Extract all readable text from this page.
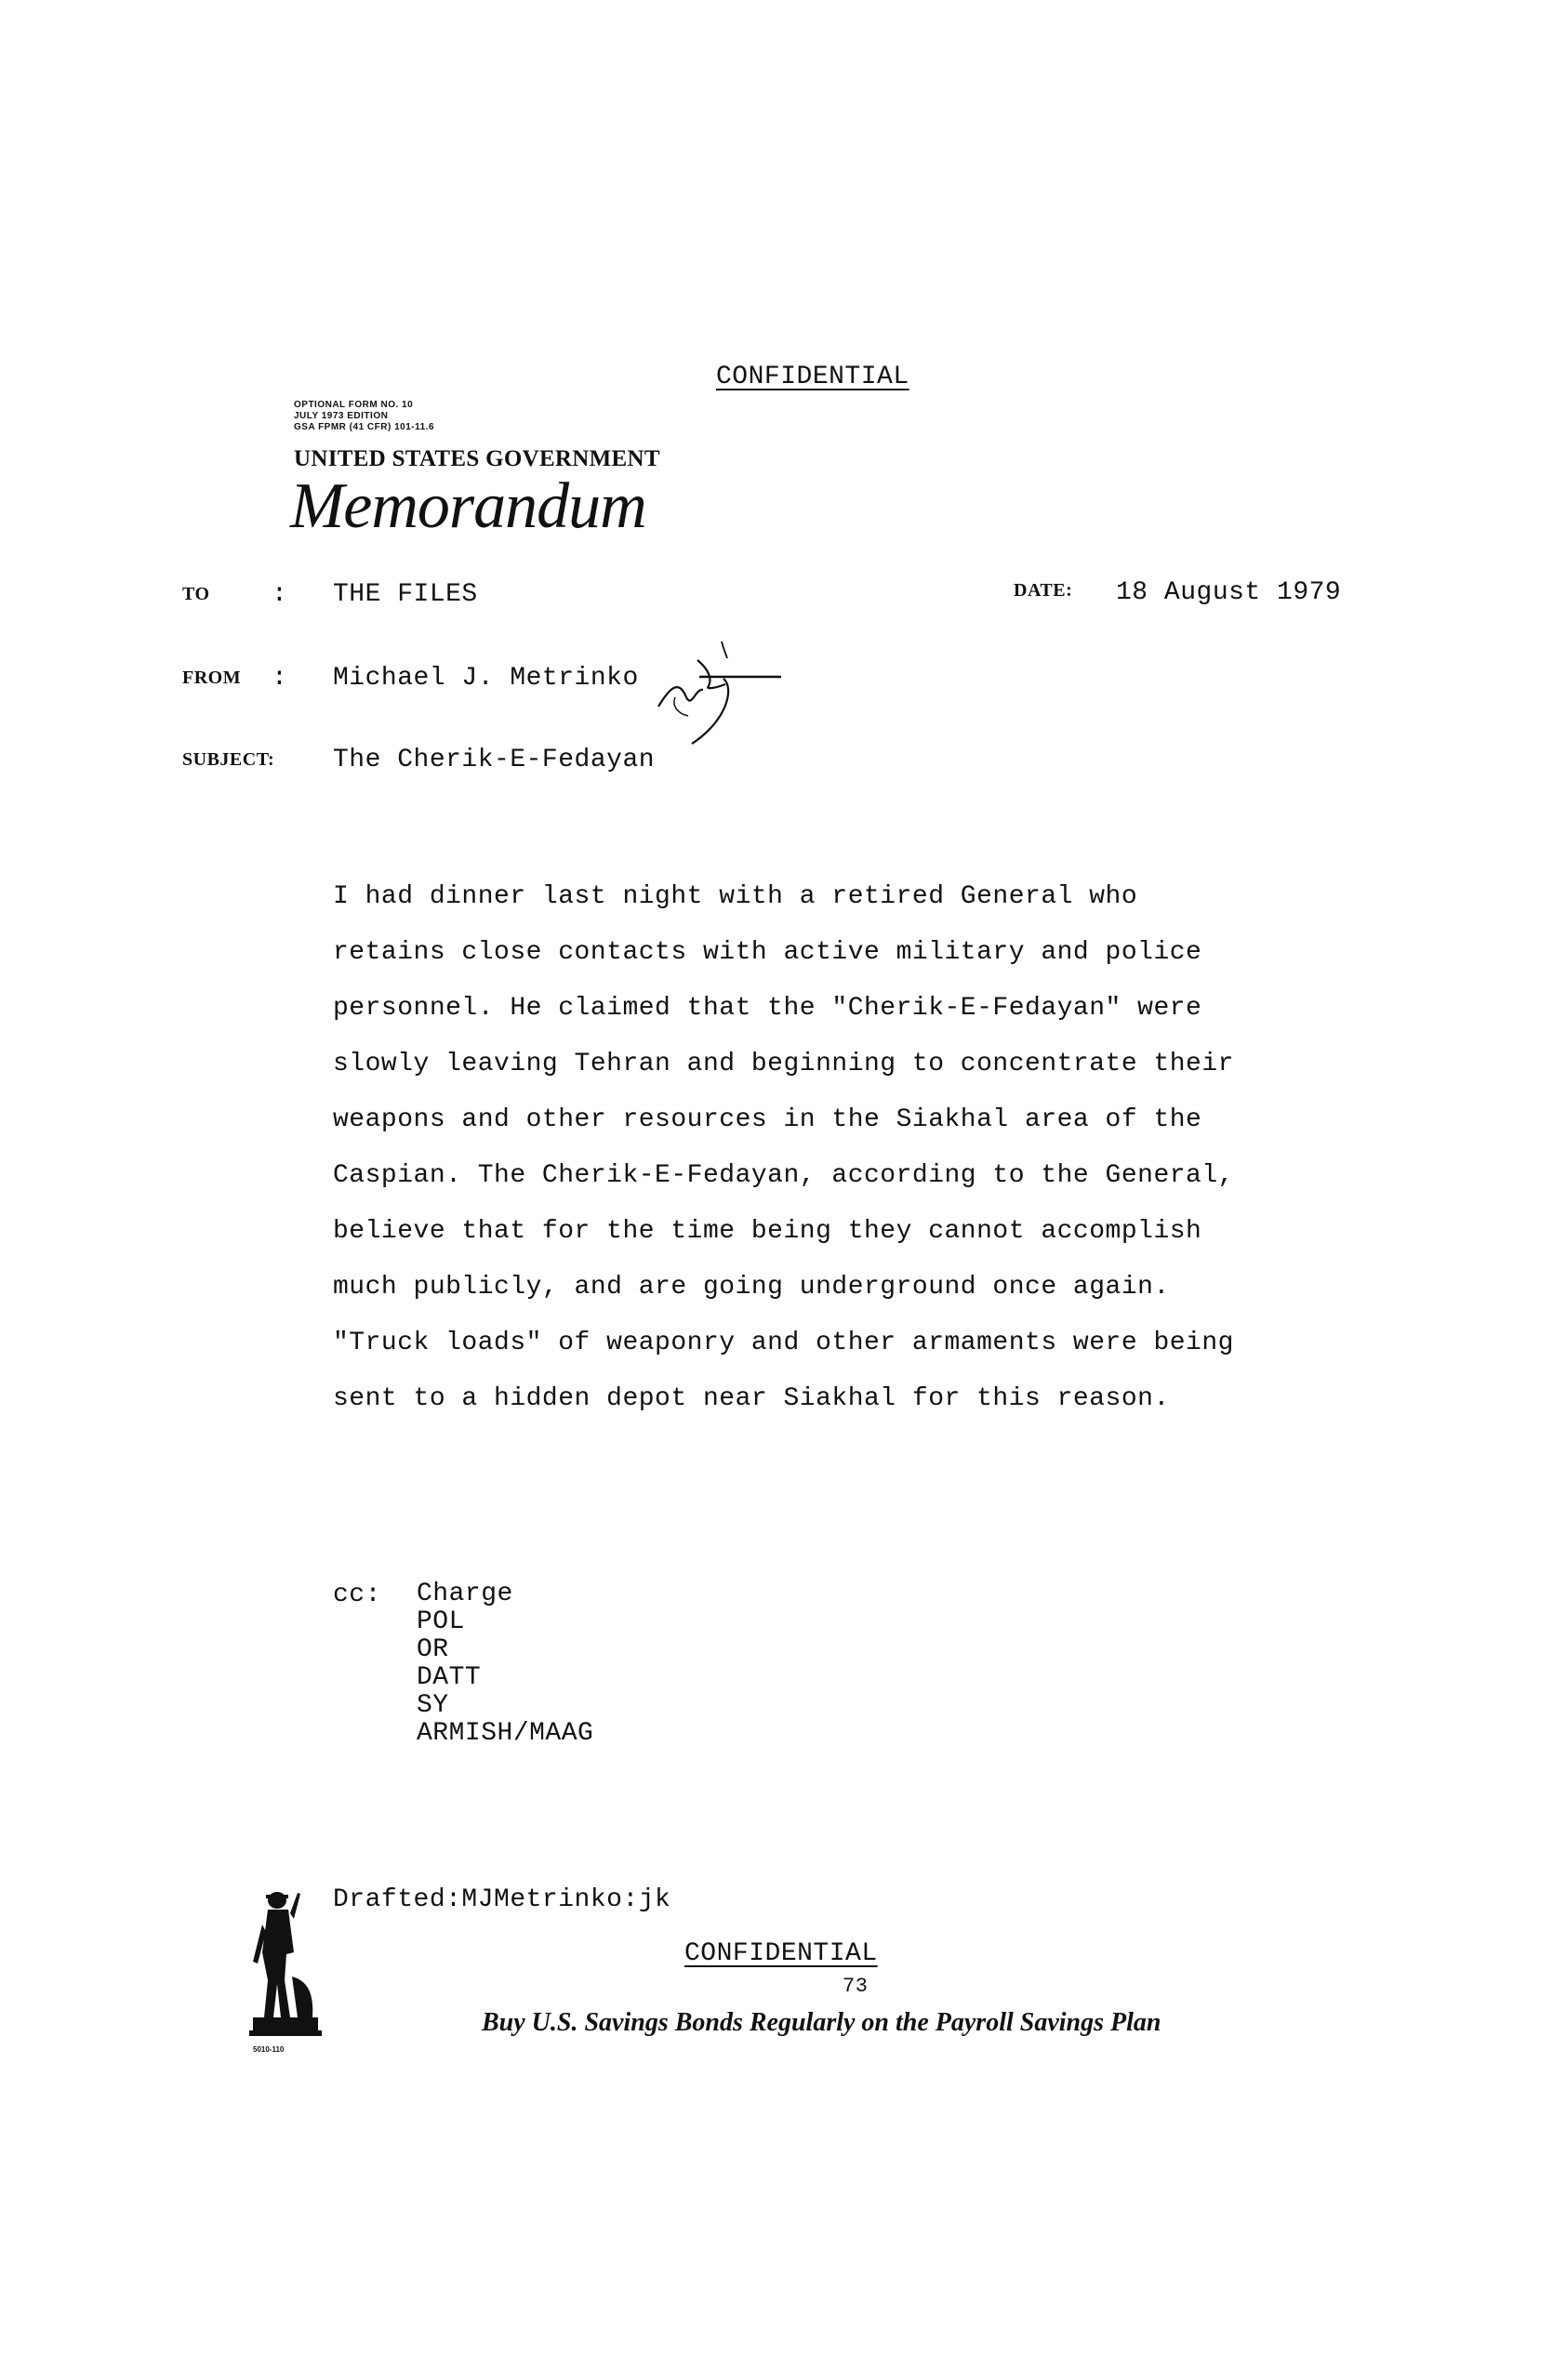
CONFIDENTIAL
OPTIONAL FORM NO. 10
JULY 1973 EDITION
GSA FPMR (41 CFR) 101-11.6
UNITED STATES GOVERNMENT
Memorandum
TO : THE FILES	DATE: 18 August 1979
FROM : Michael J. Metrinko
SUBJECT: The Cherik-E-Fedayan

I had dinner last night with a retired General who

retains close contacts with active military and police

personnel. He claimed that the "Cherik-E-Fedayan" were

slowly leaving Tehran and beginning to concentrate their

weapons and other resources in the Siakhal area of the

Caspian. The Cherik-E-Fedayan, according to the General,

believe that for the time being they cannot accomplish

much publicly, and are going underground once again.

"Truck loads" of weaponry and other armaments were being

sent to a hidden depot near Siakhal for this reason.

cc: Charge
POL
OR
DATT
SY
ARMISH/MAAG
5010-110
Drafted:MJMetrinko:jk
CONFIDENTIAL
73
Buy U.S. Savings Bonds Regularly on the Payroll Savings Plan
